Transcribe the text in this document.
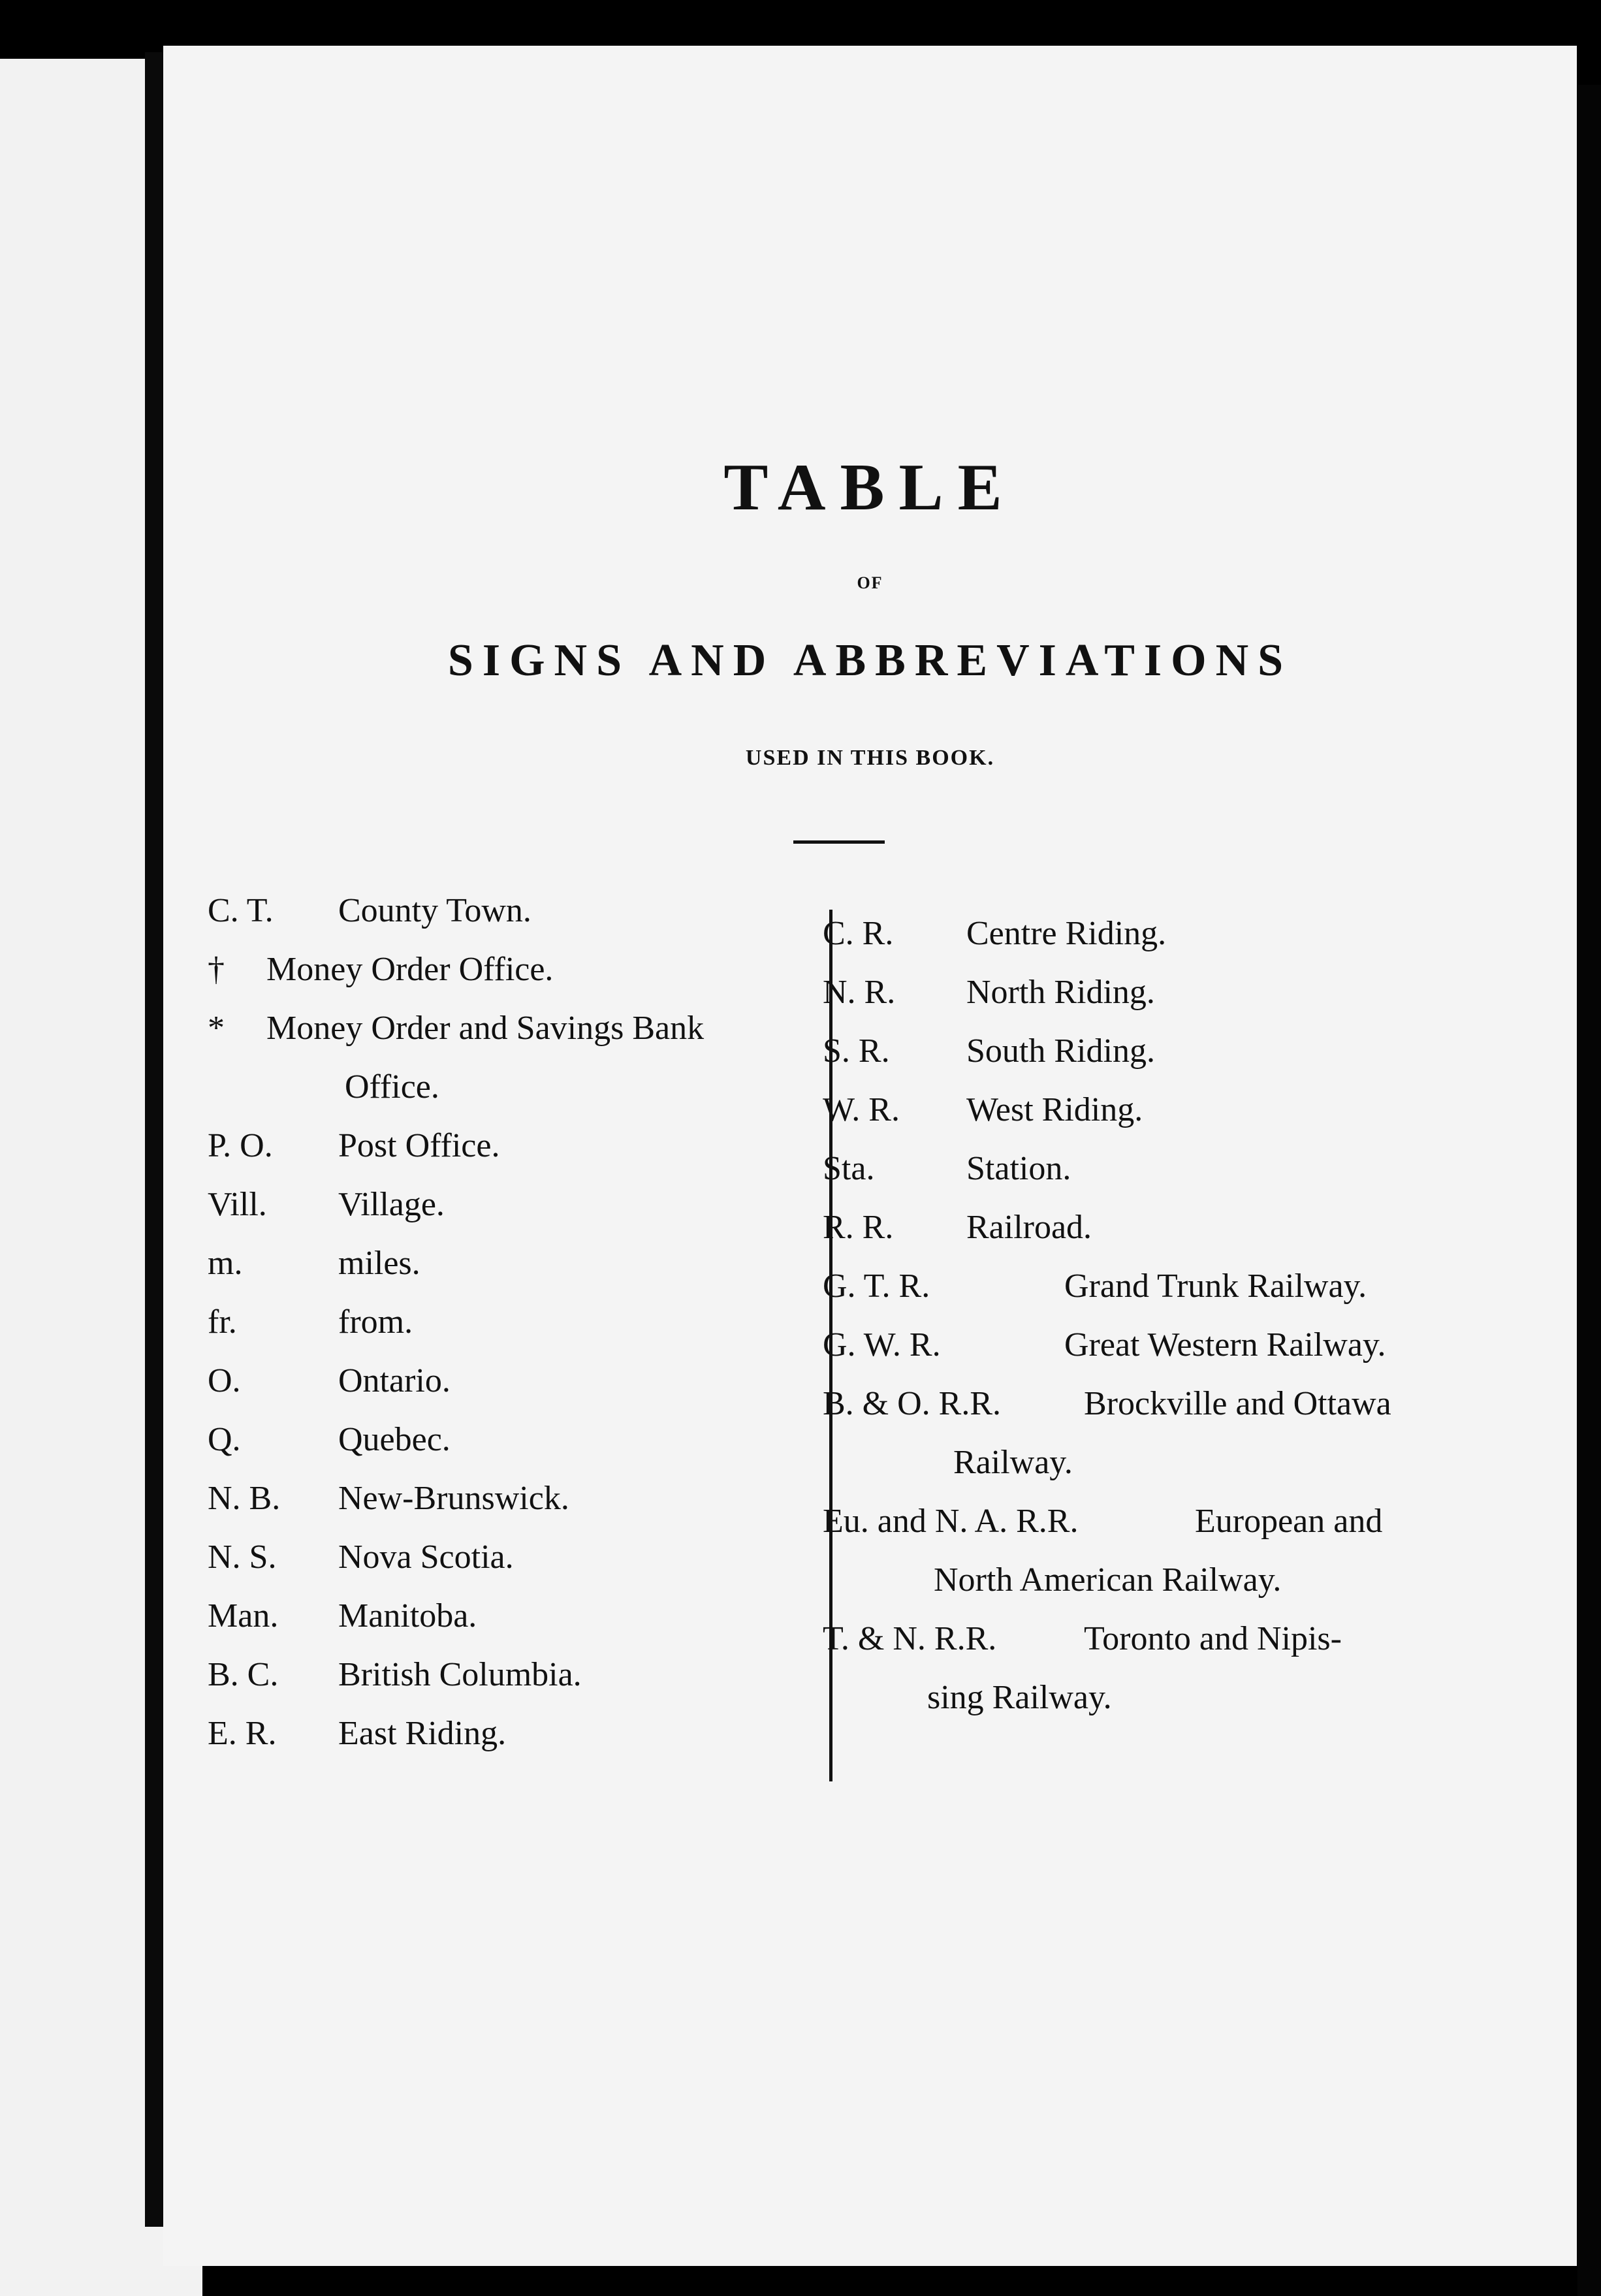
TABLE
OF
SIGNS AND ABBREVIATIONS
USED IN THIS BOOK.
C. T.	County Town.
†	Money Order Office.
*	Money Order and Savings Bank
Office.
P. O.	Post Office.
Vill.	Village.
m.	miles.
fr.	from.
O.	Ontario.
Q.	Quebec.
N. B.	New-Brunswick.
N. S.	Nova Scotia.
Man.	Manitoba.
B. C.	British Columbia.
E. R.	East Riding.
C. R.	Centre Riding.
N. R.	North Riding.
S. R.	South Riding.
W. R.	West Riding.
Sta.	Station.
R. R.	Railroad.
G. T. R.	Grand Trunk Railway.
G. W. R.	Great Western Railway.
B. & O. R.R.	Brockville and Ottawa
Railway.
Eu. and N. A. R.R.	European and
North American Railway.
T. & N. R.R.	Toronto and Nipis-
sing Railway.
